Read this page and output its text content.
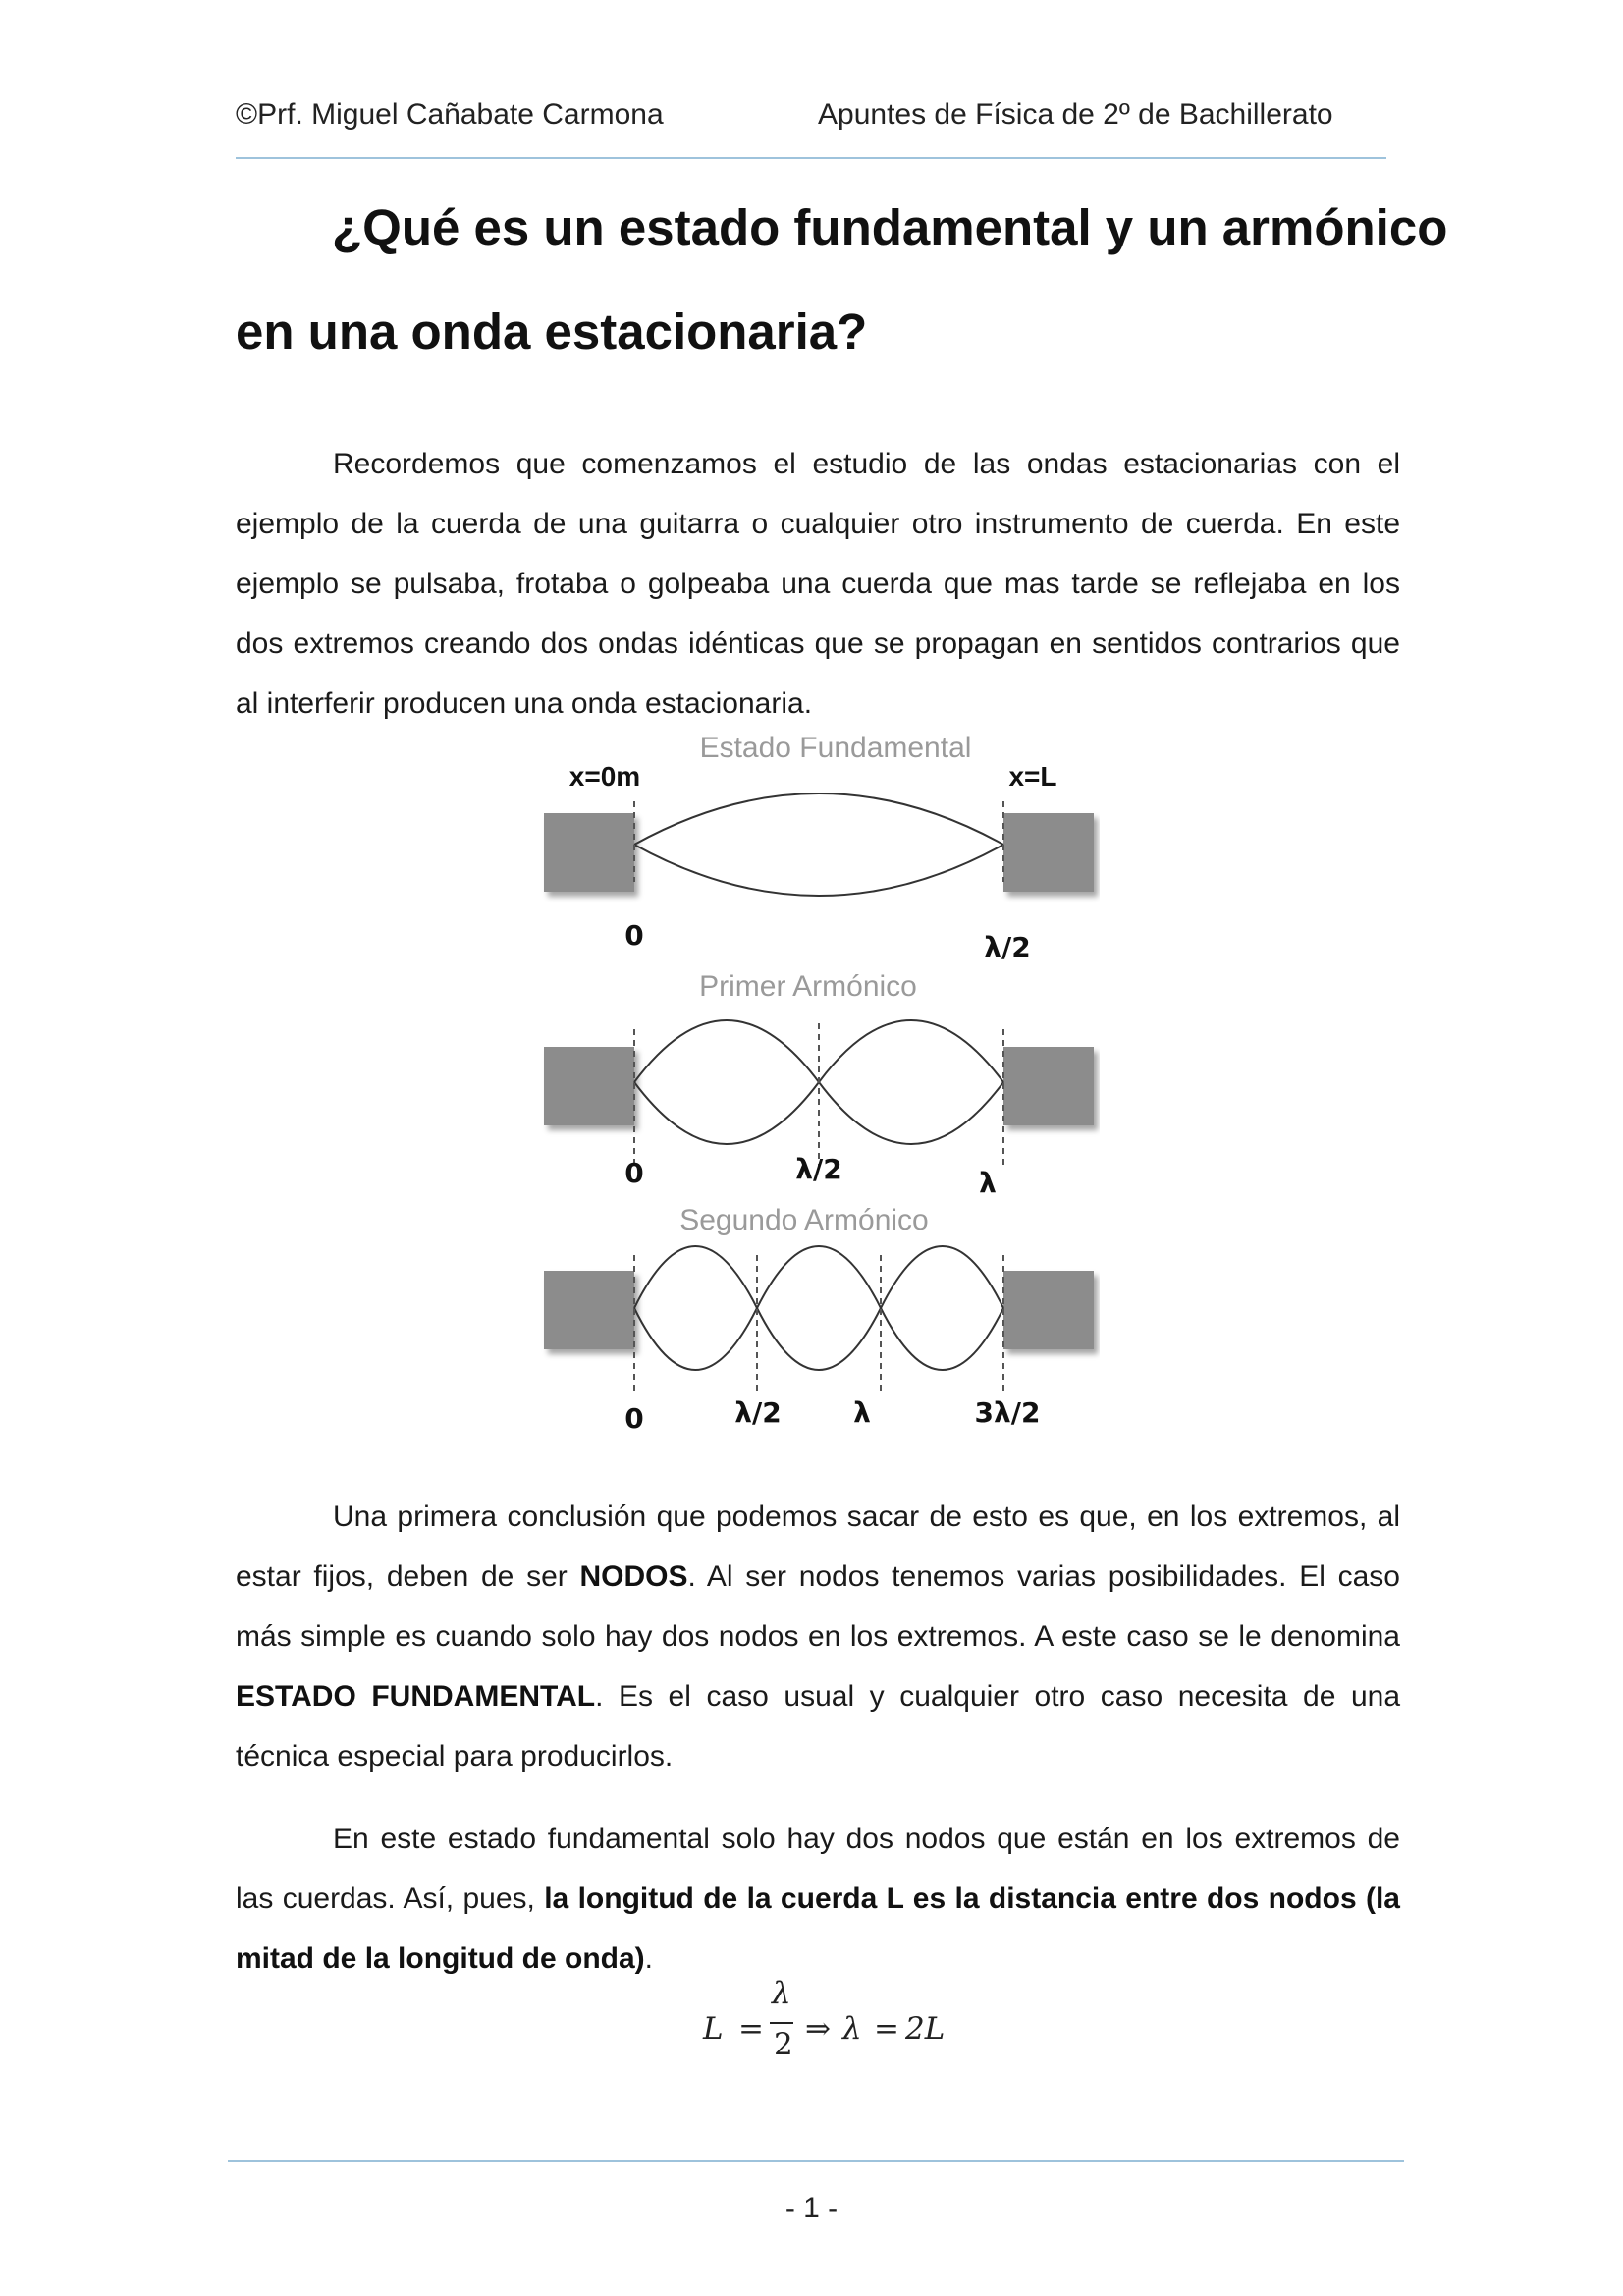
©Prf. Miguel Cañabate Carmona	Apuntes de Física de 2º de Bachillerato
¿Qué es un estado fundamental y un armónico
en una onda estacionaria?

Recordemos que comenzamos el estudio de las ondas estacionarias con el ejemplo de la cuerda de una guitarra o cualquier otro instrumento de cuerda. En este ejemplo se pulsaba, frotaba o golpeaba una cuerda que mas tarde se reflejaba en los dos extremos creando dos ondas idénticas que se propagan en sentidos contrarios que al interferir producen una onda estacionaria.

Estado Fundamental
x=0m	x=L
0	λ/2
Primer Armónico
0	λ/2	λ
Segundo Armónico
0	λ/2	λ	3λ/2

Una primera conclusión que podemos sacar de esto es que, en los extremos, al estar fijos, deben de ser NODOS. Al ser nodos tenemos varias posibilidades. El caso más simple es cuando solo hay dos nodos en los extremos. A este caso se le denomina ESTADO FUNDAMENTAL. Es el caso usual y cualquier otro caso necesita de una técnica especial para producirlos.

En este estado fundamental solo hay dos nodos que están en los extremos de las cuerdas. Así, pues, la longitud de la cuerda L es la distancia entre dos nodos (la mitad de la longitud de onda).

L =
λ
2 ⇒ λ = 2L
- 1 -
